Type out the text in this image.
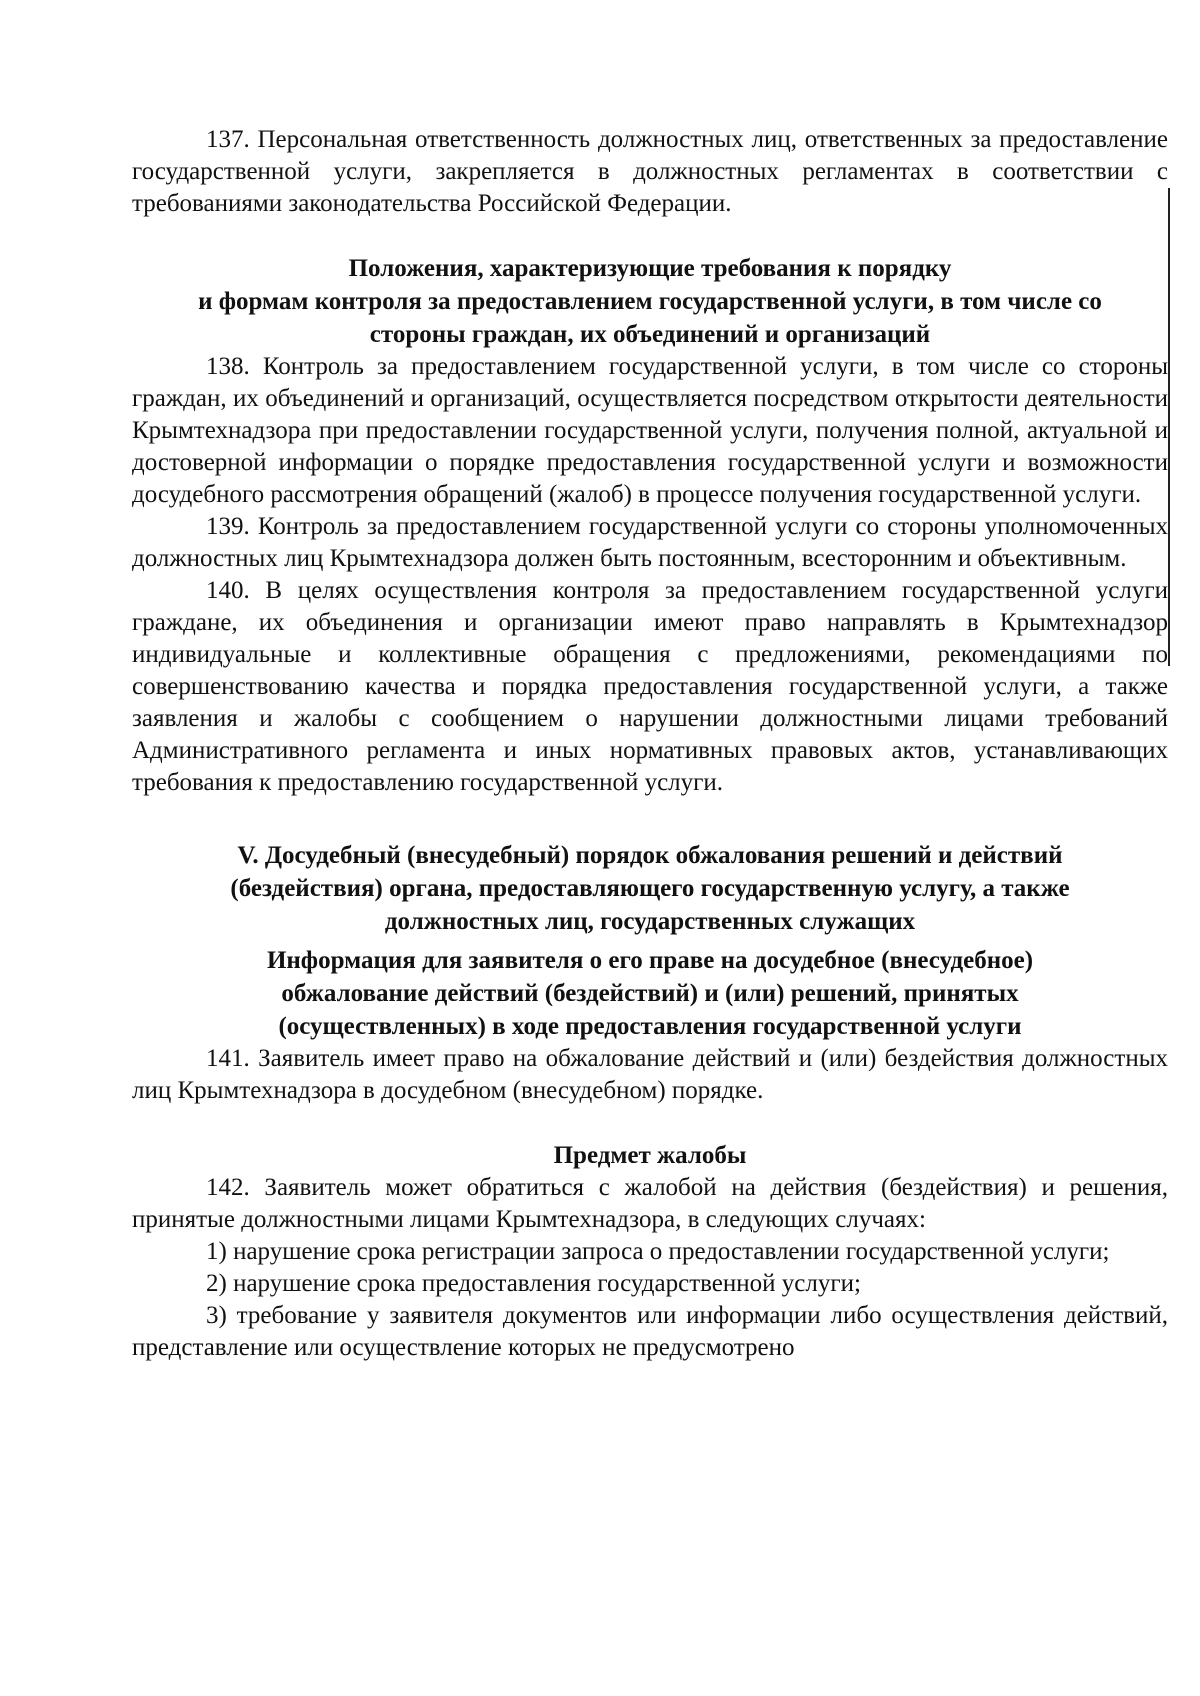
137. Персональная ответственность должностных лиц, ответственных за предоставление государственной услуги, закрепляется в должностных регламентах в соответствии с требованиями законодательства Российской Федерации.

Положения, характеризующие требования к порядку
и формам контроля за предоставлением государственной услуги, в том числе со
стороны граждан, их объединений и организаций

138. Контроль за предоставлением государственной услуги, в том числе со стороны граждан, их объединений и организаций, осуществляется посредством открытости деятельности Крымтехнадзора при предоставлении государственной услуги, получения полной, актуальной и достоверной информации о порядке предоставления государственной услуги и возможности досудебного рассмотрения обращений (жалоб) в процессе получения государственной услуги.

139. Контроль за предоставлением государственной услуги со стороны уполномоченных должностных лиц Крымтехнадзора должен быть постоянным, всесторонним и объективным.

140. В целях осуществления контроля за предоставлением государственной услуги граждане, их объединения и организации имеют право направлять в Крымтехнадзор индивидуальные и коллективные обращения с предложениями, рекомендациями по совершенствованию качества и порядка предоставления государственной услуги, а также заявления и жалобы с сообщением о нарушении должностными лицами требований Административного регламента и иных нормативных правовых актов, устанавливающих требования к предоставлению государственной услуги.

V. Досудебный (внесудебный) порядок обжалования решений и действий
(бездействия) органа, предоставляющего государственную услугу, а также
должностных лиц, государственных служащих
Информация для заявителя о его праве на досудебное (внесудебное)
обжалование действий (бездействий) и (или) решений, принятых
(осуществленных) в ходе предоставления государственной услуги

141. Заявитель имеет право на обжалование действий и (или) бездействия должностных лиц Крымтехнадзора в досудебном (внесудебном) порядке.

Предмет жалобы

142. Заявитель может обратиться с жалобой на действия (бездействия) и решения, принятые должностными лицами Крымтехнадзора, в следующих случаях:

1) нарушение срока регистрации запроса о предоставлении государственной услуги;

2) нарушение срока предоставления государственной услуги;

3) требование у заявителя документов или информации либо осуществления действий, представление или осуществление которых не предусмотрено
